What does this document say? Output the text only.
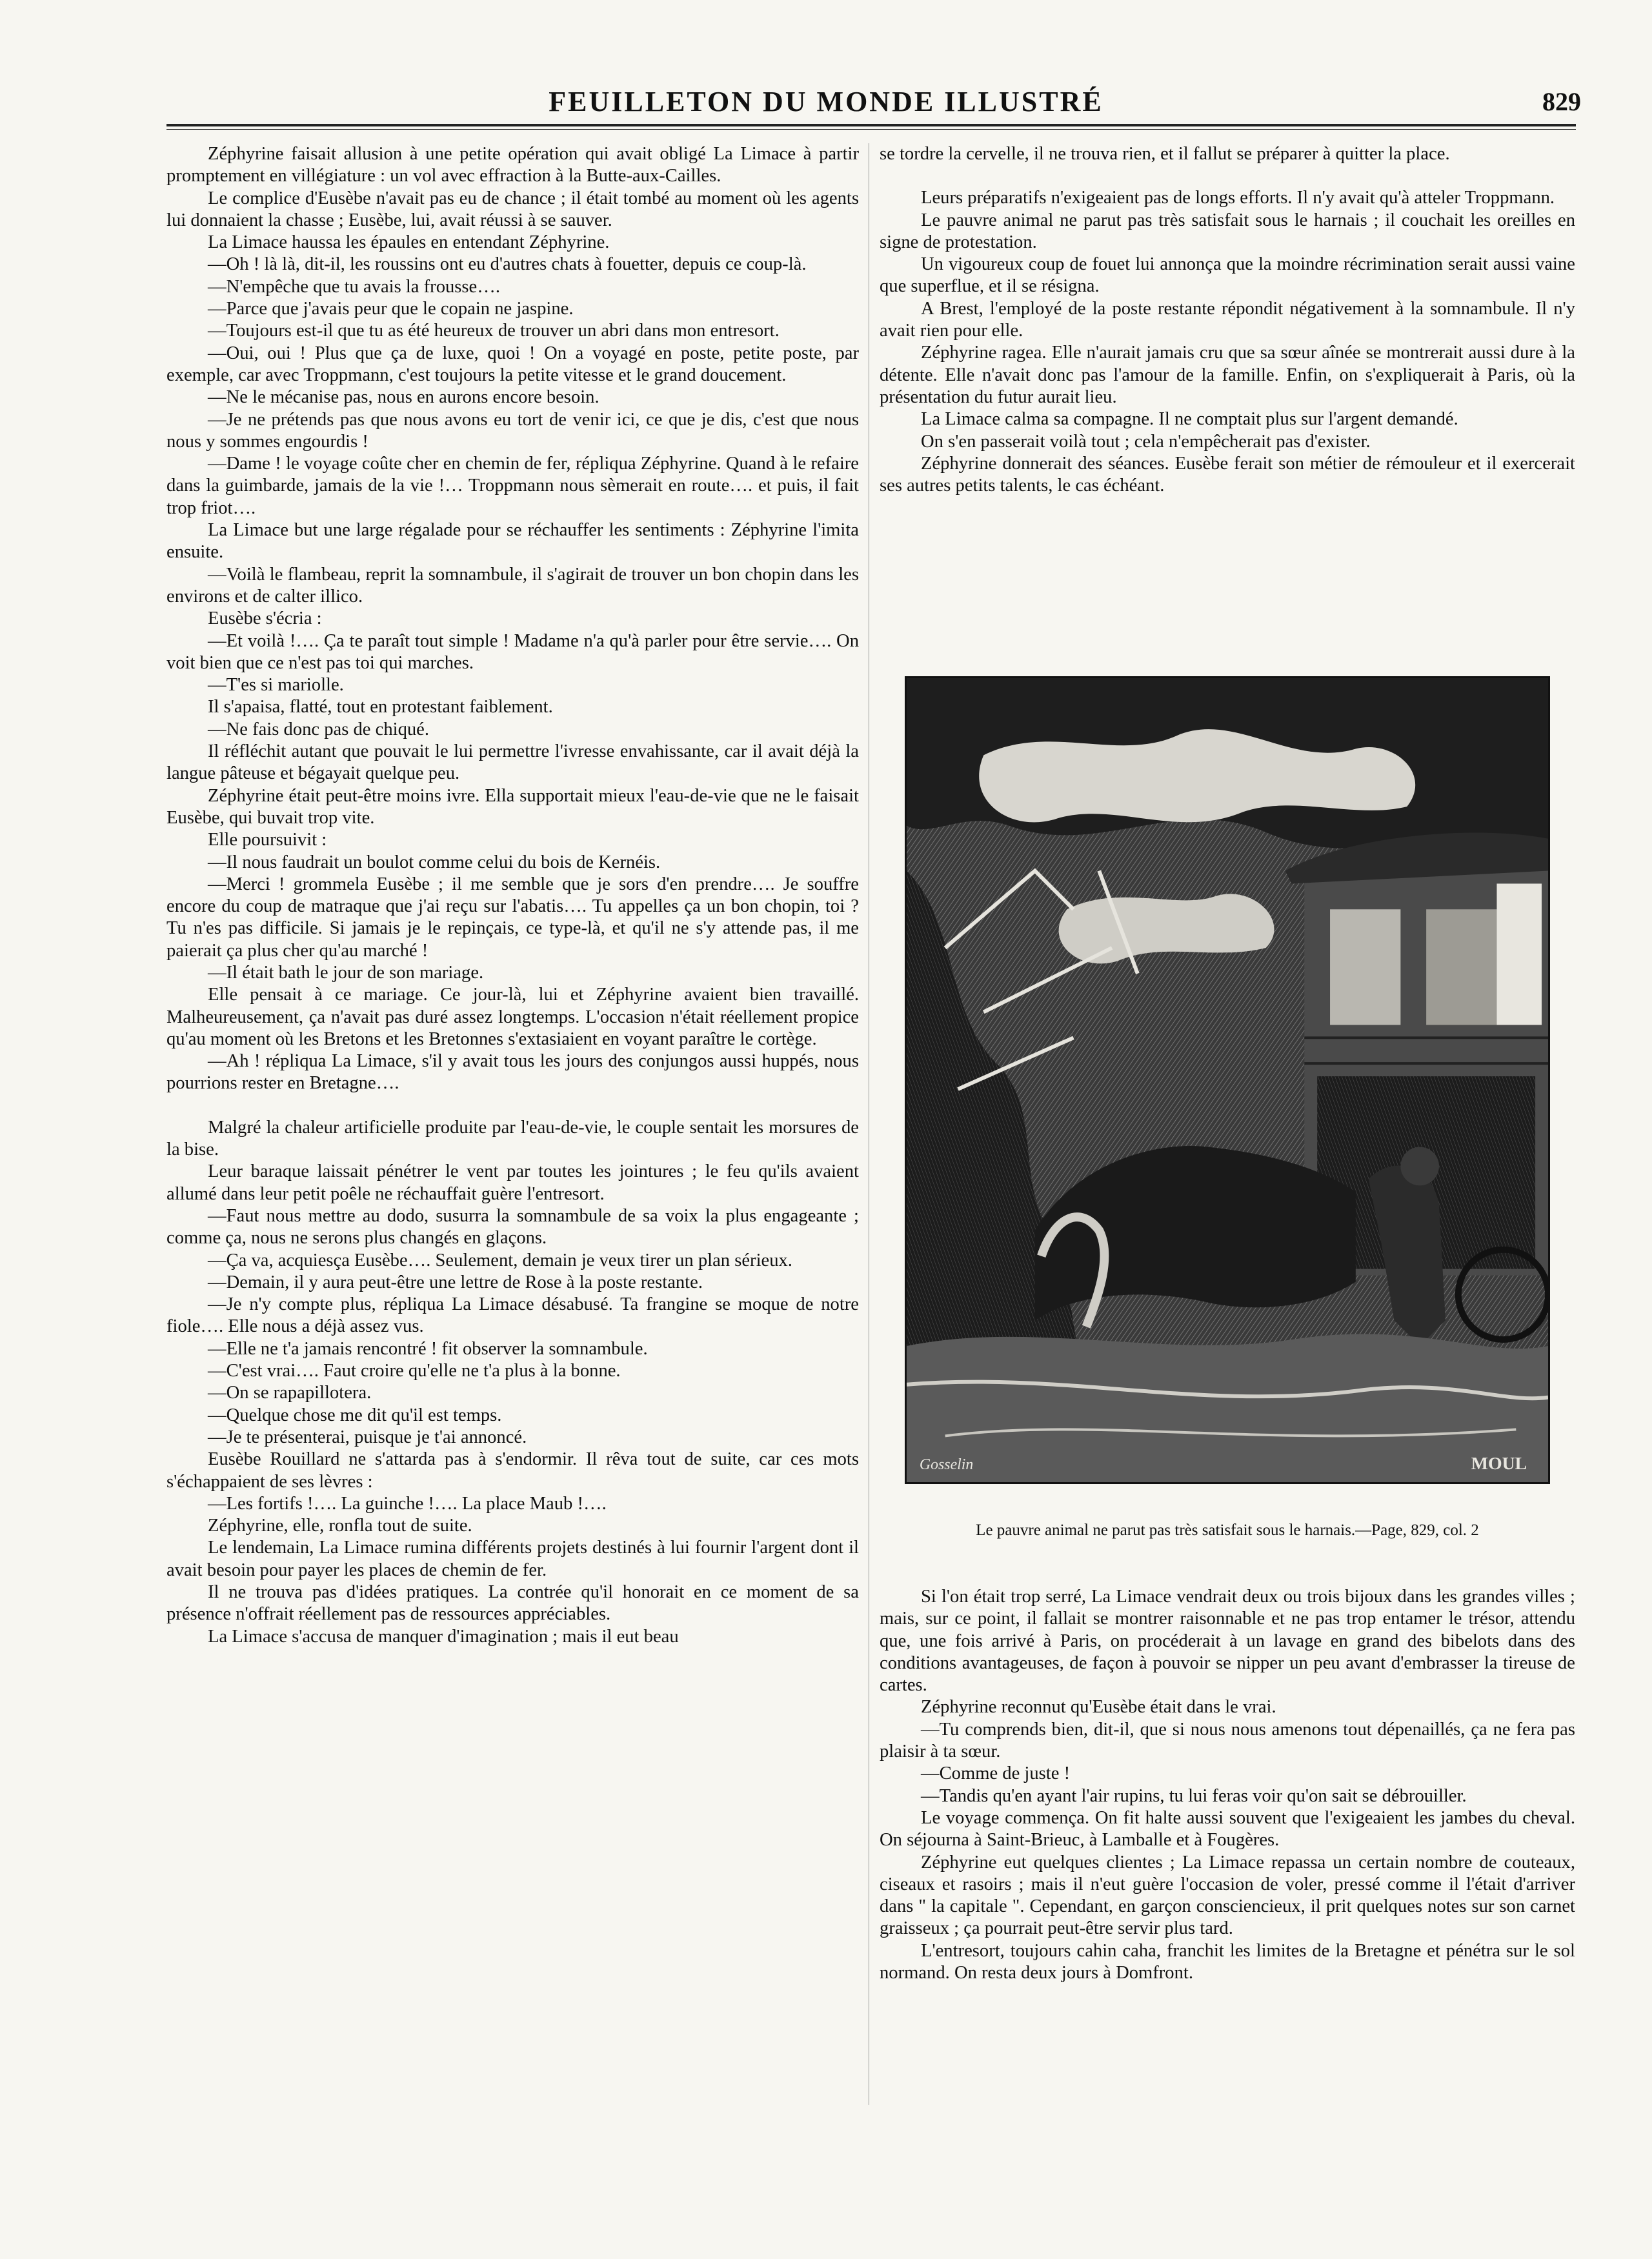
FEUILLETON DU MONDE ILLUSTRÉ	829

Zéphyrine faisait allusion à une petite opération qui avait obligé La Limace à partir promptement en villégiature : un vol avec effraction à la Butte-aux-Cailles.

Le complice d'Eusèbe n'avait pas eu de chance ; il était tombé au moment où les agents lui donnaient la chasse ; Eusèbe, lui, avait réussi à se sauver.

La Limace haussa les épaules en entendant Zéphyrine.

—Oh ! là là, dit-il, les roussins ont eu d'autres chats à fouetter, depuis ce coup-là.

—N'empêche que tu avais la frousse….

—Parce que j'avais peur que le copain ne jaspine.

—Toujours est-il que tu as été heureux de trouver un abri dans mon entresort.

—Oui, oui ! Plus que ça de luxe, quoi ! On a voyagé en poste, petite poste, par exemple, car avec Troppmann, c'est toujours la petite vitesse et le grand doucement.

—Ne le mécanise pas, nous en aurons encore besoin.

—Je ne prétends pas que nous avons eu tort de venir ici, ce que je dis, c'est que nous nous y sommes engourdis !

—Dame ! le voyage coûte cher en chemin de fer, répliqua Zéphyrine. Quand à le refaire dans la guimbarde, jamais de la vie !… Troppmann nous sèmerait en route…. et puis, il fait trop friot….

La Limace but une large régalade pour se réchauffer les sentiments : Zéphyrine l'imita ensuite.

—Voilà le flambeau, reprit la somnambule, il s'agirait de trouver un bon chopin dans les environs et de calter illico.

Eusèbe s'écria :

—Et voilà !…. Ça te paraît tout simple ! Madame n'a qu'à parler pour être servie…. On voit bien que ce n'est pas toi qui marches.

—T'es si mariolle.

Il s'apaisa, flatté, tout en protestant faiblement.

—Ne fais donc pas de chiqué.

Il réfléchit autant que pouvait le lui permettre l'ivresse envahissante, car il avait déjà la langue pâteuse et bégayait quelque peu.

Zéphyrine était peut-être moins ivre. Ella supportait mieux l'eau-de-vie que ne le faisait Eusèbe, qui buvait trop vite.

Elle poursuivit :

—Il nous faudrait un boulot comme celui du bois de Kernéis.

—Merci ! grommela Eusèbe ; il me semble que je sors d'en prendre…. Je souffre encore du coup de matraque que j'ai reçu sur l'abatis…. Tu appelles ça un bon chopin, toi ? Tu n'es pas difficile. Si jamais je le repinçais, ce type-là, et qu'il ne s'y attende pas, il me paierait ça plus cher qu'au marché !

—Il était bath le jour de son mariage.

Elle pensait à ce mariage. Ce jour-là, lui et Zéphyrine avaient bien travaillé. Malheureusement, ça n'avait pas duré assez longtemps. L'occasion n'était réellement propice qu'au moment où les Bretons et les Bretonnes s'extasiaient en voyant paraître le cortège.

—Ah ! répliqua La Limace, s'il y avait tous les jours des conjungos aussi huppés, nous pourrions rester en Bretagne….

Malgré la chaleur artificielle produite par l'eau-de-vie, le couple sentait les morsures de la bise.

Leur baraque laissait pénétrer le vent par toutes les jointures ; le feu qu'ils avaient allumé dans leur petit poêle ne réchauffait guère l'entresort.

—Faut nous mettre au dodo, susurra la somnambule de sa voix la plus engageante ; comme ça, nous ne serons plus changés en glaçons.

—Ça va, acquiesça Eusèbe…. Seulement, demain je veux tirer un plan sérieux.

—Demain, il y aura peut-être une lettre de Rose à la poste restante.

—Je n'y compte plus, répliqua La Limace désabusé. Ta frangine se moque de notre fiole…. Elle nous a déjà assez vus.

—Elle ne t'a jamais rencontré ! fit observer la somnambule.

—C'est vrai…. Faut croire qu'elle ne t'a plus à la bonne.

—On se rapapillotera.

—Quelque chose me dit qu'il est temps.

—Je te présenterai, puisque je t'ai annoncé.

Eusèbe Rouillard ne s'attarda pas à s'endormir. Il rêva tout de suite, car ces mots s'échappaient de ses lèvres :

—Les fortifs !…. La guinche !…. La place Maub !….

Zéphyrine, elle, ronfla tout de suite.

Le lendemain, La Limace rumina différents projets destinés à lui fournir l'argent dont il avait besoin pour payer les places de chemin de fer.

Il ne trouva pas d'idées pratiques. La contrée qu'il honorait en ce moment de sa présence n'offrait réellement pas de ressources appréciables.

La Limace s'accusa de manquer d'imagination ; mais il eut beau

se tordre la cervelle, il ne trouva rien, et il fallut se préparer à quitter la place.

Leurs préparatifs n'exigeaient pas de longs efforts. Il n'y avait qu'à atteler Troppmann.

Le pauvre animal ne parut pas très satisfait sous le harnais ; il couchait les oreilles en signe de protestation.

Un vigoureux coup de fouet lui annonça que la moindre récrimination serait aussi vaine que superflue, et il se résigna.

A Brest, l'employé de la poste restante répondit négativement à la somnambule. Il n'y avait rien pour elle.

Zéphyrine ragea. Elle n'aurait jamais cru que sa sœur aînée se montrerait aussi dure à la détente. Elle n'avait donc pas l'amour de la famille. Enfin, on s'expliquerait à Paris, où la présentation du futur aurait lieu.

La Limace calma sa compagne. Il ne comptait plus sur l'argent demandé.

On s'en passerait voilà tout ; cela n'empêcherait pas d'exister.

Zéphyrine donnerait des séances. Eusèbe ferait son métier de rémouleur et il exercerait ses autres petits talents, le cas échéant.

Gosselin	MOUL
Le pauvre animal ne parut pas très satisfait sous le harnais.—Page, 829, col. 2

Si l'on était trop serré, La Limace vendrait deux ou trois bijoux dans les grandes villes ; mais, sur ce point, il fallait se montrer raisonnable et ne pas trop entamer le trésor, attendu que, une fois arrivé à Paris, on procéderait à un lavage en grand des bibelots dans des conditions avantageuses, de façon à pouvoir se nipper un peu avant d'embrasser la tireuse de cartes.

Zéphyrine reconnut qu'Eusèbe était dans le vrai.

—Tu comprends bien, dit-il, que si nous nous amenons tout dépenaillés, ça ne fera pas plaisir à ta sœur.

—Comme de juste !

—Tandis qu'en ayant l'air rupins, tu lui feras voir qu'on sait se débrouiller.

Le voyage commença. On fit halte aussi souvent que l'exigeaient les jambes du cheval. On séjourna à Saint-Brieuc, à Lamballe et à Fougères.

Zéphyrine eut quelques clientes ; La Limace repassa un certain nombre de couteaux, ciseaux et rasoirs ; mais il n'eut guère l'occasion de voler, pressé comme il l'était d'arriver dans " la capitale ". Cependant, en garçon consciencieux, il prit quelques notes sur son carnet graisseux ; ça pourrait peut-être servir plus tard.

L'entresort, toujours cahin caha, franchit les limites de la Bretagne et pénétra sur le sol normand. On resta deux jours à Domfront.
